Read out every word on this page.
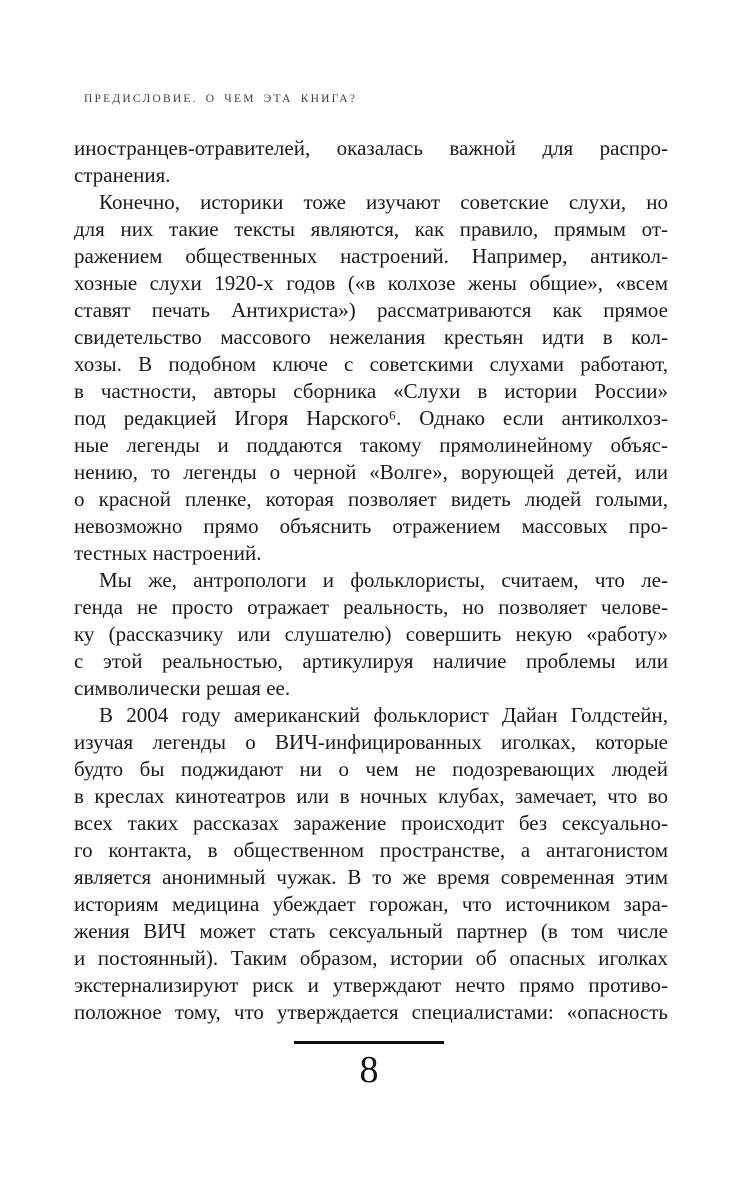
ПРЕДИСЛОВИЕ. О ЧЕМ ЭТА КНИГА?
иностранцев-отравителей, оказалась важной для распро-
странения.
Конечно, историки тоже изучают советские слухи, но
для них такие тексты являются, как правило, прямым от-
ражением общественных настроений. Например, антикол-
хозные слухи 1920-х годов («в колхозе жены общие», «всем
ставят печать Антихриста») рассматриваются как прямое
свидетельство массового нежелания крестьян идти в кол-
хозы. В подобном ключе с советскими слухами работают,
в частности, авторы сборника «Слухи в истории России»
под редакцией Игоря Нарского⁶. Однако если антиколхоз-
ные легенды и поддаются такому прямолинейному объяс-
нению, то легенды о черной «Волге», ворующей детей, или
о красной пленке, которая позволяет видеть людей голыми,
невозможно прямо объяснить отражением массовых про-
тестных настроений.
Мы же, антропологи и фольклористы, считаем, что ле-
генда не просто отражает реальность, но позволяет челове-
ку (рассказчику или слушателю) совершить некую «работу»
с этой реальностью, артикулируя наличие проблемы или
символически решая ее.
В 2004 году американский фольклорист Дайан Голдстейн,
изучая легенды о ВИЧ-инфицированных иголках, которые
будто бы поджидают ни о чем не подозревающих людей
в креслах кинотеатров или в ночных клубах, замечает, что во
всех таких рассказах заражение происходит без сексуально-
го контакта, в общественном пространстве, а антагонистом
является анонимный чужак. В то же время современная этим
историям медицина убеждает горожан, что источником зара-
жения ВИЧ может стать сексуальный партнер (в том числе
и постоянный). Таким образом, истории об опасных иголках
экстернализируют риск и утверждают нечто прямо противо-
положное тому, что утверждается специалистами: «опасность
8
